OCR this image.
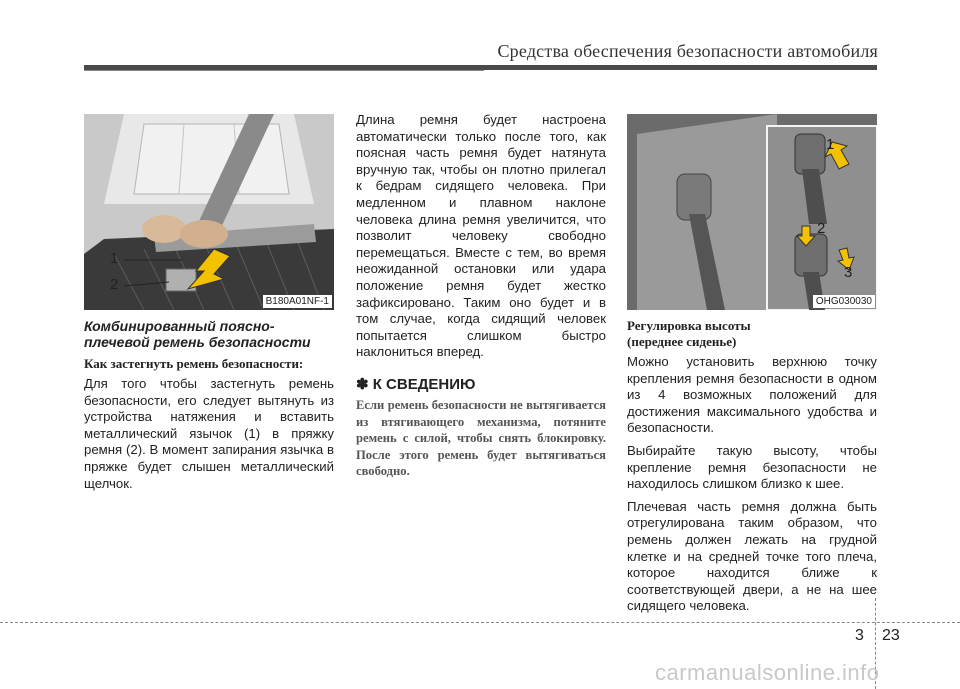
Средства обеспечения безопасности автомобиля
1
2
B180A01NF-1
Комбинированный поясно-плечевой ремень безопасности
Как застегнуть ремень безопасности:

Для того чтобы застегнуть ремень безопасности, его следует вытянуть из устройства натяжения и вставить металлический язычок (1) в пряжку ремня (2). В момент запирания язычка в пряжке будет слышен металлический щелчок.

Длина ремня будет настроена автоматически только после того, как поясная часть ремня будет натянута вручную так, чтобы он плотно прилегал к бедрам сидящего человека. При медленном и плавном наклоне человека длина ремня увеличится, что позволит человеку свободно перемещаться. Вместе с тем, во время неожиданной остановки или удара положение ремня будет жестко зафиксировано. Таким оно будет и в том случае, когда сидящий человек попытается слишком быстро наклониться вперед.

✽ К СВЕДЕНИЮ
Если ремень безопасности не вытягивается из втягивающего механизма, потяните ремень с силой, чтобы снять блокировку. После этого ремень будет вытягиваться свободно.
1
2
3
OHG030030
Регулировка высоты
(переднее сиденье)

Можно установить верхнюю точку крепления ремня безопасности в одном из 4 возможных положений для достижения максимального удобства и безопасности.

Выбирайте такую высоту, чтобы крепление ремня безопасности не находилось слишком близко к шее.

Плечевая часть ремня должна быть отрегулирована таким образом, что ремень должен лежать на грудной клетке и на средней точке того плеча, которое находится ближе к соответствующей двери, а не на шее сидящего человека.

3 23
carmanualsonline.info
